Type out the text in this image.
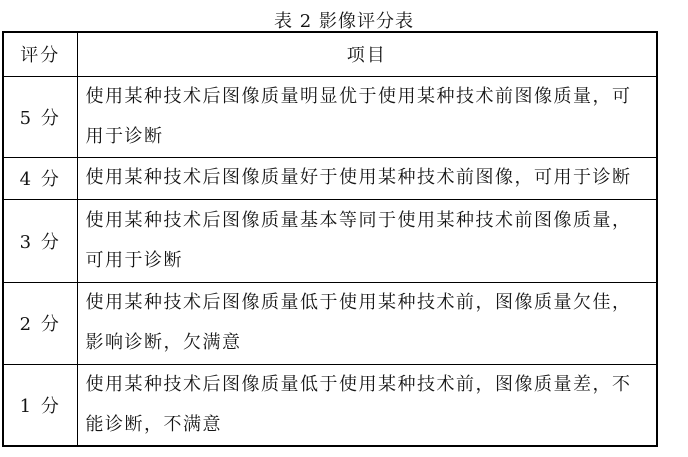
表 2 影像评分表
评分	项目
5 分	使用某种技术后图像质量明显优于使用某种技术前图像质量，可用于诊断
4 分	使用某种技术后图像质量好于使用某种技术前图像，可用于诊断
3 分	使用某种技术后图像质量基本等同于使用某种技术前图像质量，可用于诊断
2 分	使用某种技术后图像质量低于使用某种技术前，图像质量欠佳，影响诊断，欠满意
1 分	使用某种技术后图像质量低于使用某种技术前，图像质量差，不能诊断，不满意
